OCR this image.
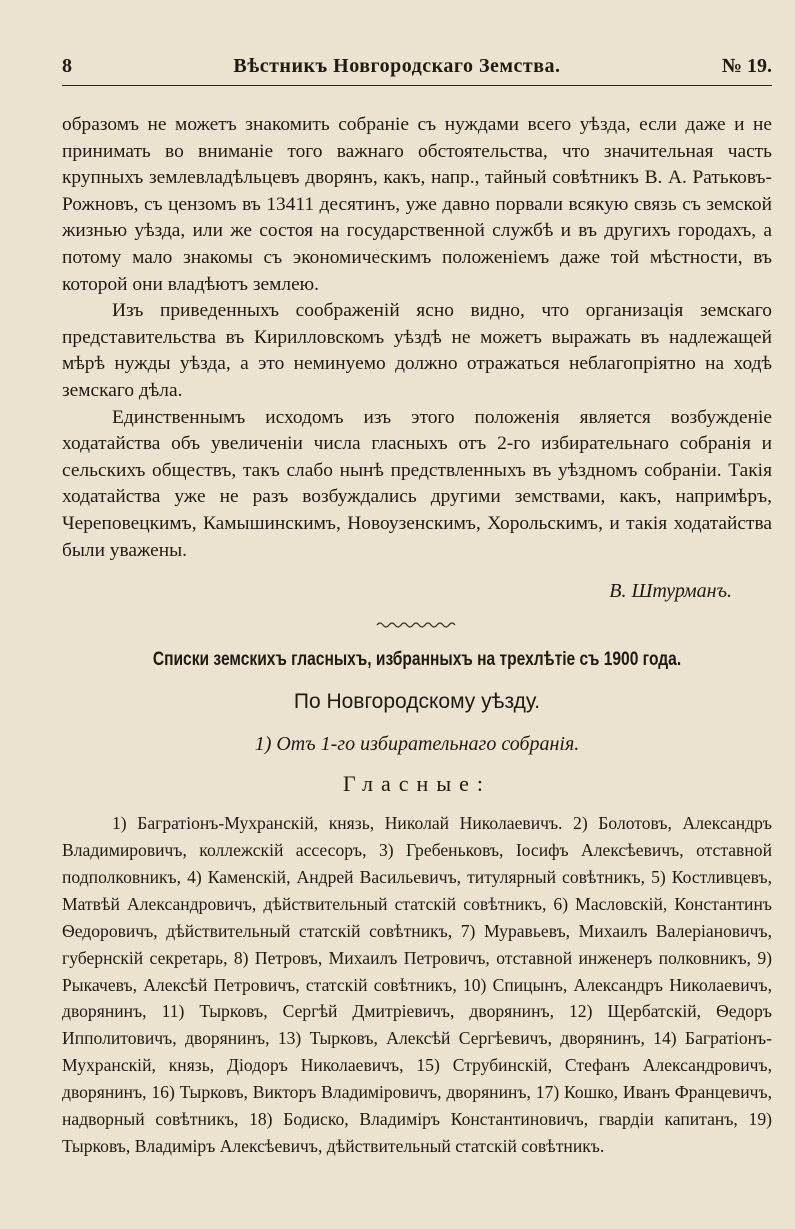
8	Вѣстникъ Новгородскаго Земства.	№ 19.

образомъ не можетъ знакомить собраніе съ нуждами всего уѣзда, если даже и не принимать во вниманіе того важнаго обстоятельства, что значительная часть крупныхъ землевладѣльцевъ дворянъ, какъ, напр., тайный совѣтникъ В. А. Ратьковъ-Рожновъ, съ цензомъ въ 13411 десятинъ, уже давно порвали всякую связь съ земской жизнью уѣзда, или же состоя на государственной службѣ и въ другихъ городахъ, а потому мало знакомы съ экономическимъ положеніемъ даже той мѣстности, въ которой они владѣютъ землею.

Изъ приведенныхъ соображеній ясно видно, что организація земскаго представительства въ Кирилловскомъ уѣздѣ не можетъ выражать въ надлежащей мѣрѣ нужды уѣзда, а это неминуемо должно отражаться неблагопріятно на ходѣ земскаго дѣла.

Единственнымъ исходомъ изъ этого положенія является возбужденіе ходатайства объ увеличеніи числа гласныхъ отъ 2-го избирательнаго собранія и сельскихъ обществъ, такъ слабо нынѣ предствленныхъ въ уѣздномъ собраніи. Такія ходатайства уже не разъ возбуждались другими земствами, какъ, напримѣръ, Череповецкимъ, Камышинскимъ, Новоузенскимъ, Хорольскимъ, и такія ходатайства были уважены.

В. Штурманъ.
Списки земскихъ гласныхъ, избранныхъ на трехлѣтіе съ 1900 года.
По Новгородскому уѣзду.
1) Отъ 1-го избирательнаго собранія.
Гласные:

1) Багратіонъ-Мухранскій, князь, Николай Николаевичъ. 2) Болотовъ, Александръ Владимировичъ, коллежскій ассесоръ, 3) Гребеньковъ, Іосифъ Алексѣевичъ, отставной подполковникъ, 4) Каменскій, Андрей Васильевичъ, титулярный совѣтникъ, 5) Костливцевъ, Матвѣй Александровичъ, дѣйствительный статскій совѣтникъ, 6) Масловскій, Константинъ Ѳедоровичъ, дѣйствительный статскій совѣтникъ, 7) Муравьевъ, Михаилъ Валеріановичъ, губернскій секретарь, 8) Петровъ, Михаилъ Петровичъ, отставной инженеръ полковникъ, 9) Рыкачевъ, Алексѣй Петровичъ, статскій совѣтникъ, 10) Спицынъ, Александръ Николаевичъ, дворянинъ, 11) Тырковъ, Сергѣй Дмитріевичъ, дворянинъ, 12) Щербатскій, Ѳедоръ Ипполитовичъ, дворянинъ, 13) Тырковъ, Алексѣй Сергѣевичъ, дворянинъ, 14) Багратіонъ-Мухранскій, князь, Діодоръ Николаевичъ, 15) Струбинскій, Стефанъ Александровичъ, дворянинъ, 16) Тырковъ, Викторъ Владиміровичъ, дворянинъ, 17) Кошко, Иванъ Францевичъ, надворный совѣтникъ, 18) Бодиско, Владиміръ Константиновичъ, гвардіи капитанъ, 19) Тырковъ, Владиміръ Алексѣевичъ, дѣйствительный статскій совѣтникъ.
